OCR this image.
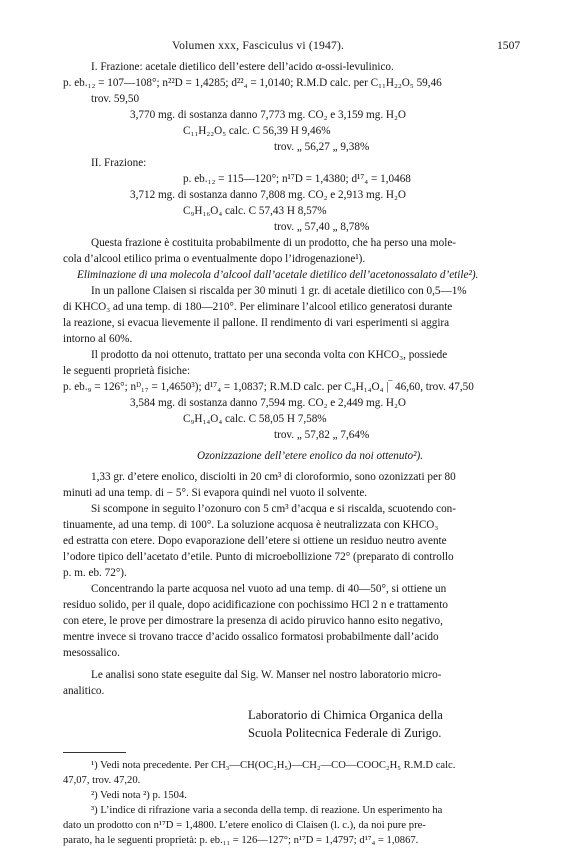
Volumen xxx, Fasciculus vi (1947).	1507
I. Frazione: acetale dietilico dell’estere dell’acido α-ossi-levulinico.
p. eb.₁₂ = 107—108°; n²²D = 1,4285; d²²₄ = 1,0140; R.M.D calc. per C₁₁H₂₂O₅ 59,46
trov. 59,50
3,770 mg. di sostanza danno 7,773 mg. CO₂ e 3,159 mg. H₂O
C₁₁H₂₂O₅ calc. C 56,39 H 9,46%
trov. „ 56,27 „ 9,38%
II. Frazione:
p. eb.₁₂ = 115—120°; n¹⁷D = 1,4380; d¹⁷₄ = 1,0468
3,712 mg. di sostanza danno 7,808 mg. CO₂ e 2,913 mg. H₂O
C₉H₁₆O₄ calc. C 57,43 H 8,57%
trov. „ 57,40 „ 8,78%
Questa frazione è costituita probabilmente di un prodotto, che ha perso una mole-
cola d’alcool etilico prima o eventualmente dopo l’idrogenazione¹).
Eliminazione di una molecola d’alcool dall’acetale dietilico dell’acetonossalato d’etile²).
In un pallone Claisen si riscalda per 30 minuti 1 gr. di acetale dietilico con 0,5—1%
di KHCO₃ ad una temp. di 180—210°. Per eliminare l’alcool etilico generatosi durante
la reazione, si evacua lievemente il pallone. Il rendimento di vari esperimenti si aggira
intorno al 60%.
Il prodotto da noi ottenuto, trattato per una seconda volta con KHCO₃, possiede
le seguenti proprietà fisiche:
p. eb.₉ = 126°; nᴰ₁₇ = 1,4650³); d¹⁷₄ = 1,0837; R.M.D calc. per C₉H₁₄O₄ |‾ 46,60, trov. 47,50
3,584 mg. di sostanza danno 7,594 mg. CO₂ e 2,449 mg. H₂O
C₉H₁₄O₄ calc. C 58,05 H 7,58%
trov. „ 57,82 „ 7,64%
Ozonizzazione dell’etere enolico da noi ottenuto²).
1,33 gr. d’etere enolico, disciolti in 20 cm³ di cloroformio, sono ozonizzati per 80
minuti ad una temp. di − 5°. Si evapora quindi nel vuoto il solvente.
Si scompone in seguito l’ozonuro con 5 cm³ d’acqua e si riscalda, scuotendo con-
tinuamente, ad una temp. di 100°. La soluzione acquosa è neutralizzata con KHCO₃
ed estratta con etere. Dopo evaporazione dell’etere si ottiene un residuo neutro avente
l’odore tipico dell’acetato d’etile. Punto di microebollizione 72° (preparato di controllo
p. m. eb. 72°).
Concentrando la parte acquosa nel vuoto ad una temp. di 40—50°, si ottiene un
residuo solido, per il quale, dopo acidificazione con pochissimo HCl 2 n e trattamento
con etere, le prove per dimostrare la presenza di acido piruvico hanno esito negativo,
mentre invece si trovano tracce d’acido ossalico formatosi probabilmente dall’acido
mesossalico.
Le analisi sono state eseguite dal Sig. W. Manser nel nostro laboratorio micro-
analitico.
Laboratorio di Chimica Organica della
Scuola Politecnica Federale di Zurigo.
¹) Vedi nota precedente. Per CH₃—CH(OC₂H₅)—CH₂—CO—COOC₂H₅ R.M.D calc.
47,07, trov. 47,20.
²) Vedi nota ²) p. 1504.
³) L’indice di rifrazione varia a seconda della temp. di reazione. Un esperimento ha
dato un prodotto con n¹⁷D = 1,4800. L’etere enolico di Claisen (l. c.), da noi pure pre-
parato, ha le seguenti proprietà: p. eb.₁₁ = 126—127°; n¹⁷D = 1,4797; d¹⁷₄ = 1,0867.
